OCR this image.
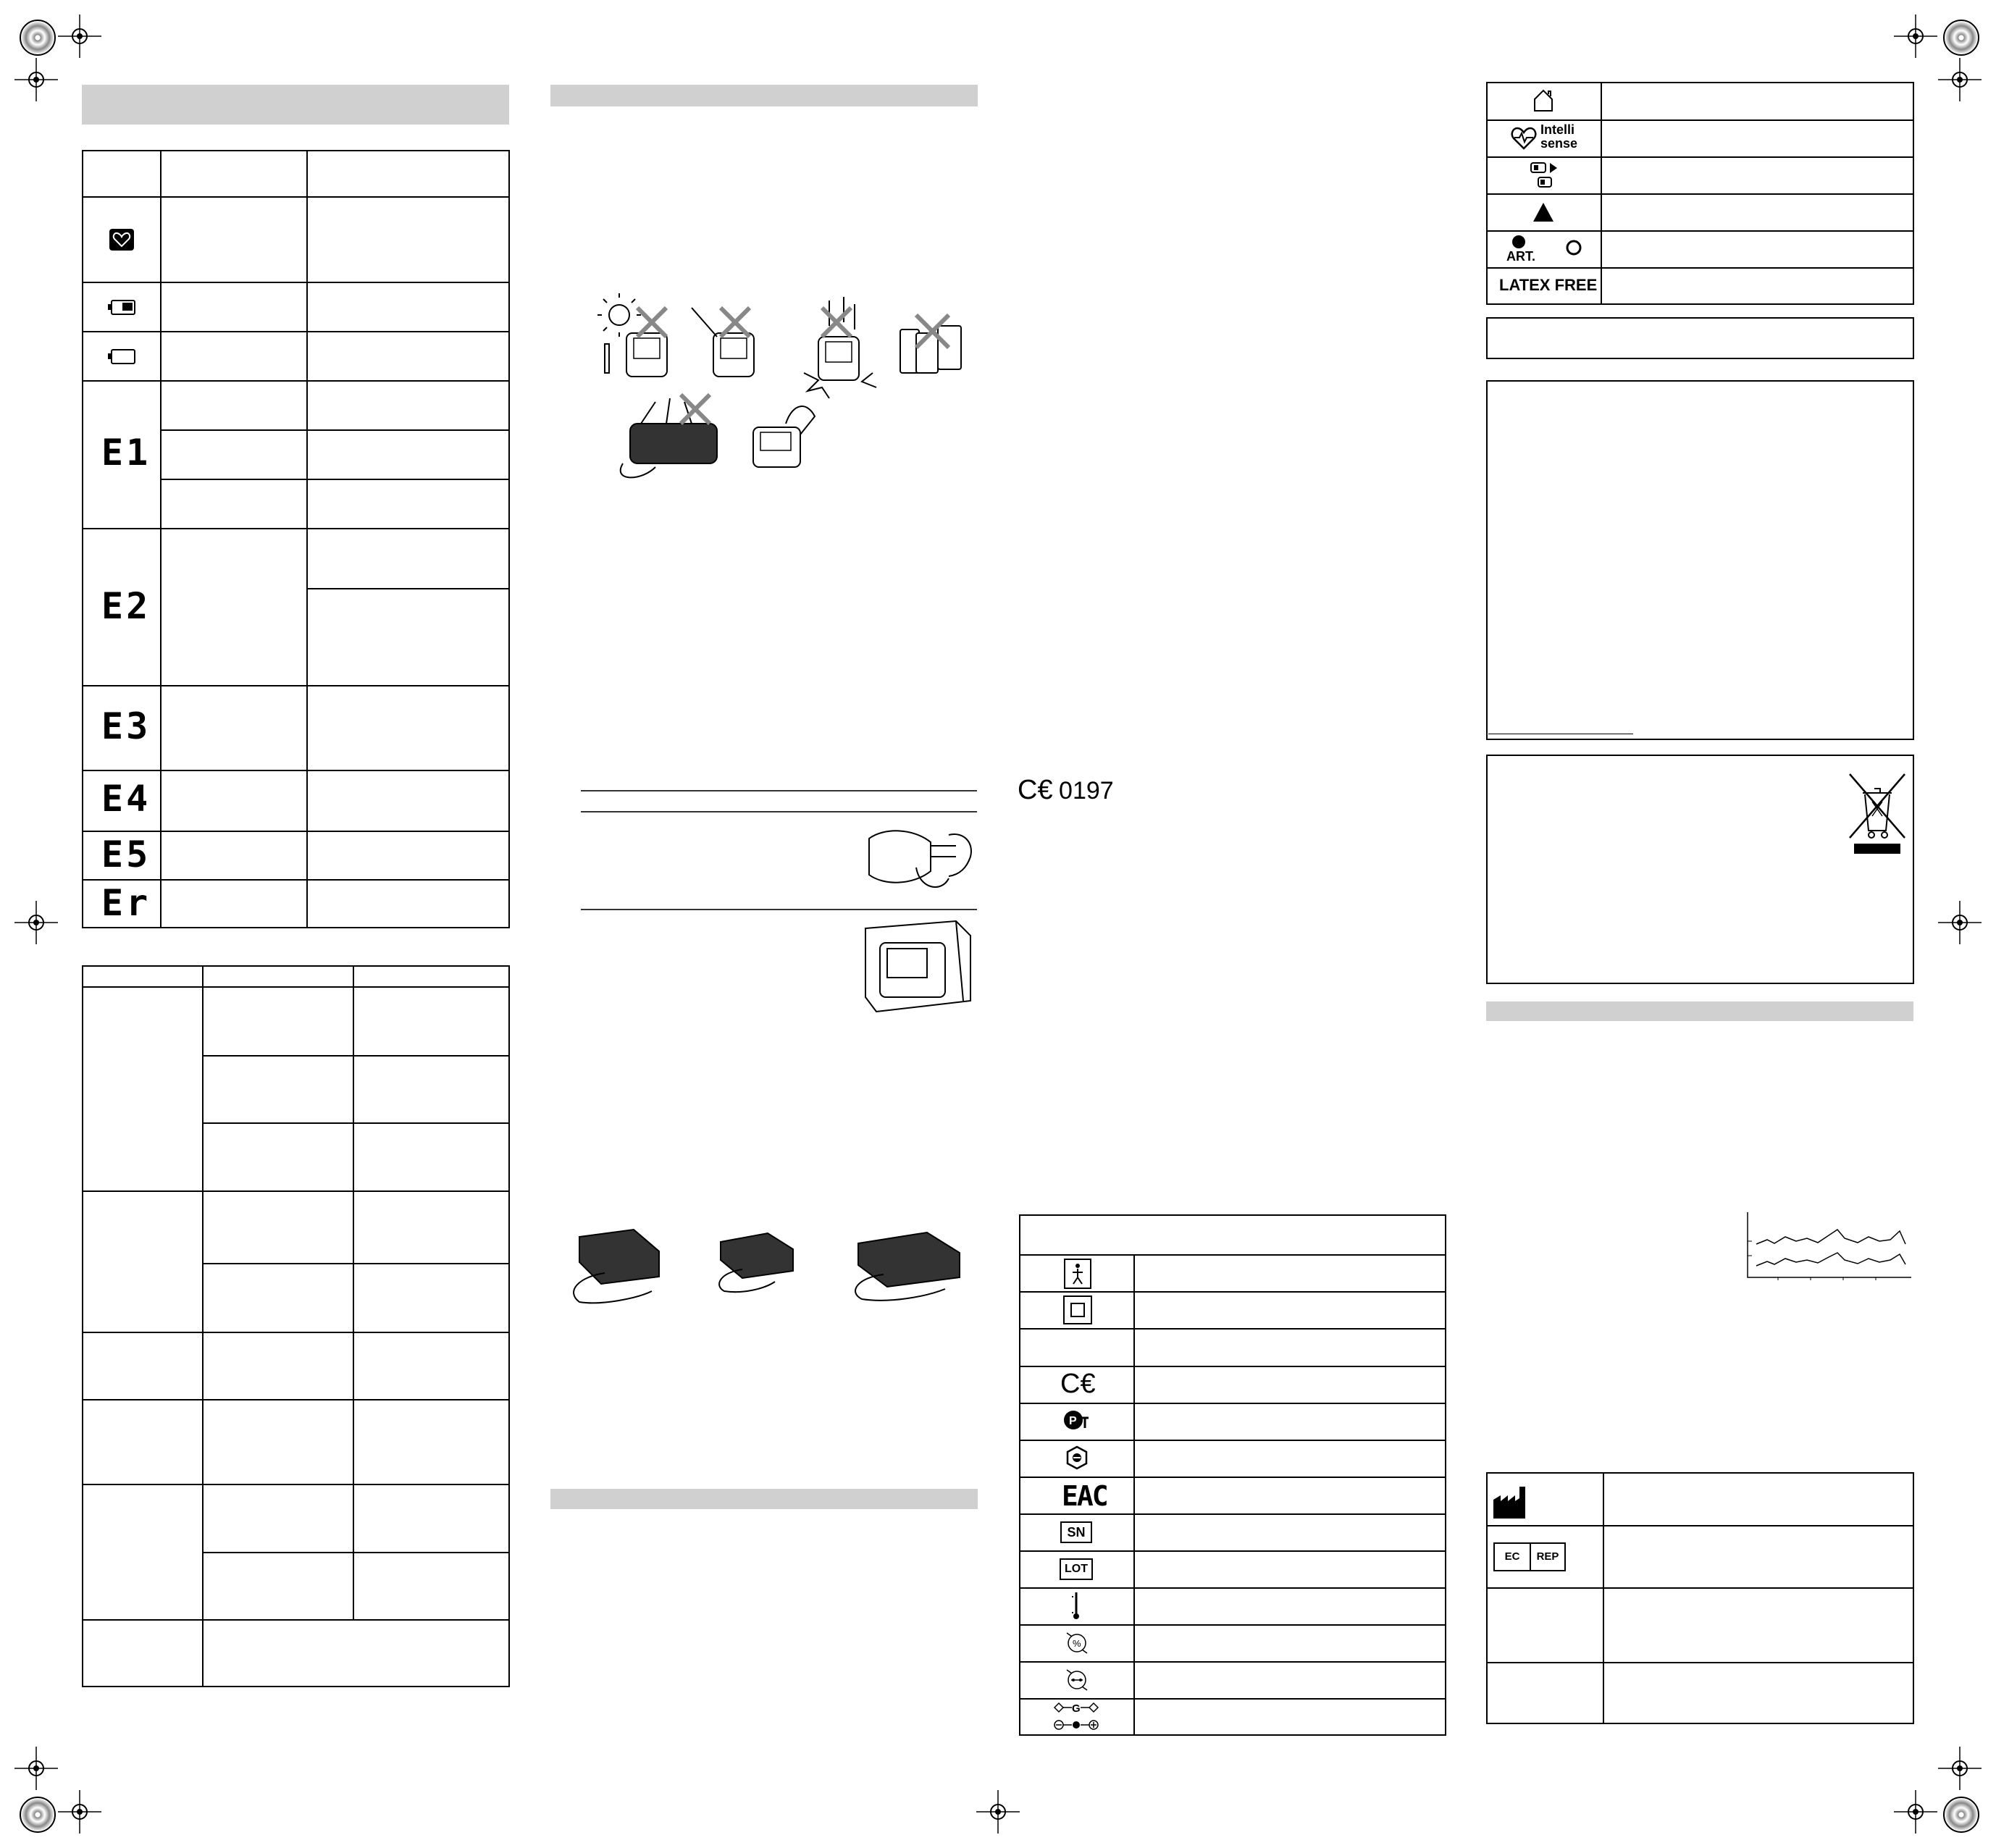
E1
E2
E3
E4
E5
Er
C€ 0197
C€
P
EAC
SN
LOT
%
G
Intelli
sense
ART.
LATEX FREE
EC	REP
